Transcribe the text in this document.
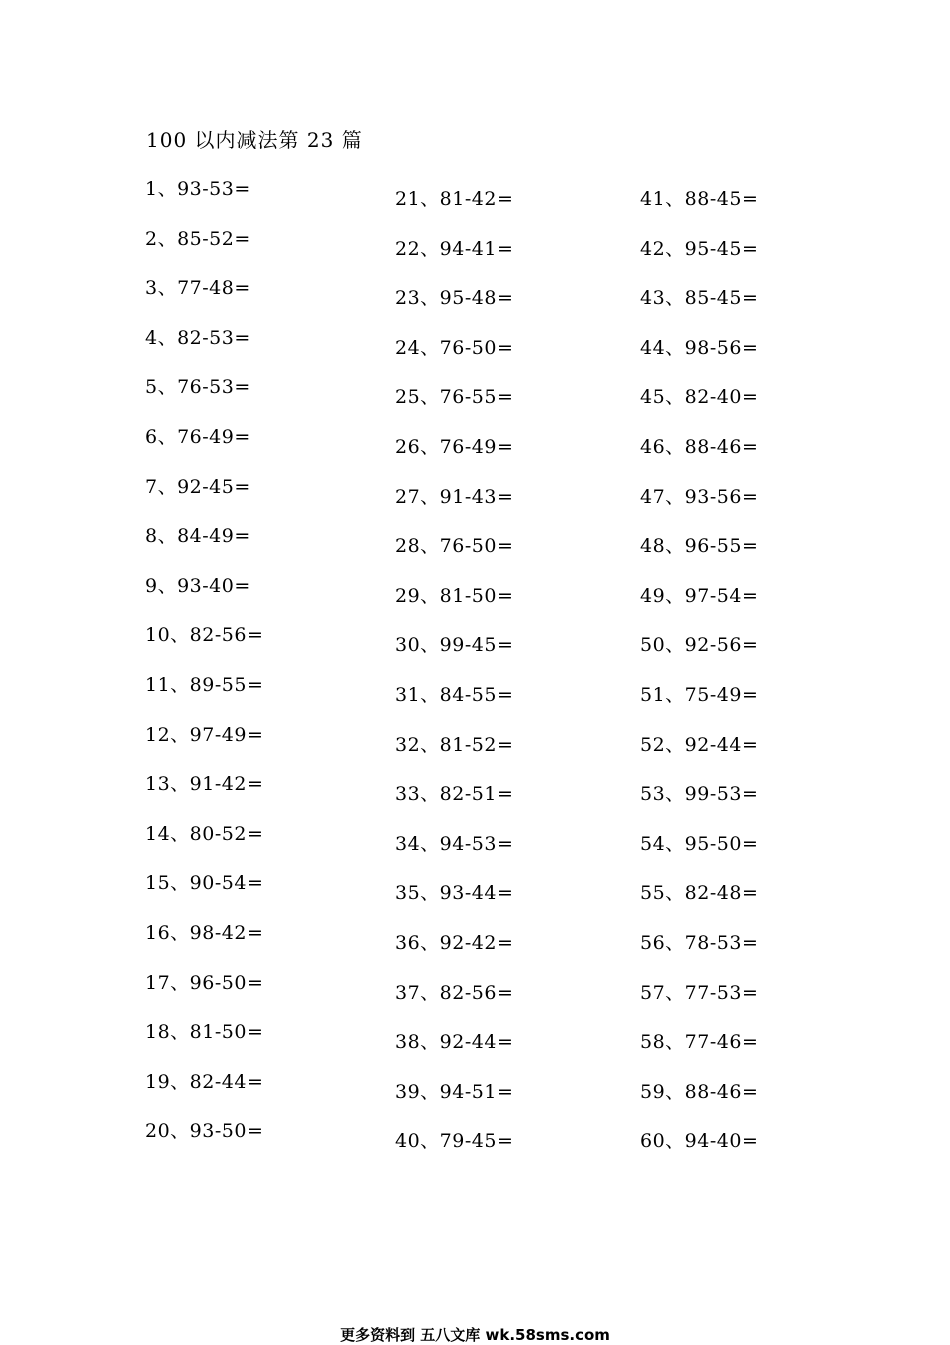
100 以内减法第 23 篇
1、93-53=
2、85-52=
3、77-48=
4、82-53=
5、76-53=
6、76-49=
7、92-45=
8、84-49=
9、93-40=
10、82-56=
11、89-55=
12、97-49=
13、91-42=
14、80-52=
15、90-54=
16、98-42=
17、96-50=
18、81-50=
19、82-44=
20、93-50=
21、81-42=
22、94-41=
23、95-48=
24、76-50=
25、76-55=
26、76-49=
27、91-43=
28、76-50=
29、81-50=
30、99-45=
31、84-55=
32、81-52=
33、82-51=
34、94-53=
35、93-44=
36、92-42=
37、82-56=
38、92-44=
39、94-51=
40、79-45=
41、88-45=
42、95-45=
43、85-45=
44、98-56=
45、82-40=
46、88-46=
47、93-56=
48、96-55=
49、97-54=
50、92-56=
51、75-49=
52、92-44=
53、99-53=
54、95-50=
55、82-48=
56、78-53=
57、77-53=
58、77-46=
59、88-46=
60、94-40=
更多资料到 五八文库 wk.58sms.com
